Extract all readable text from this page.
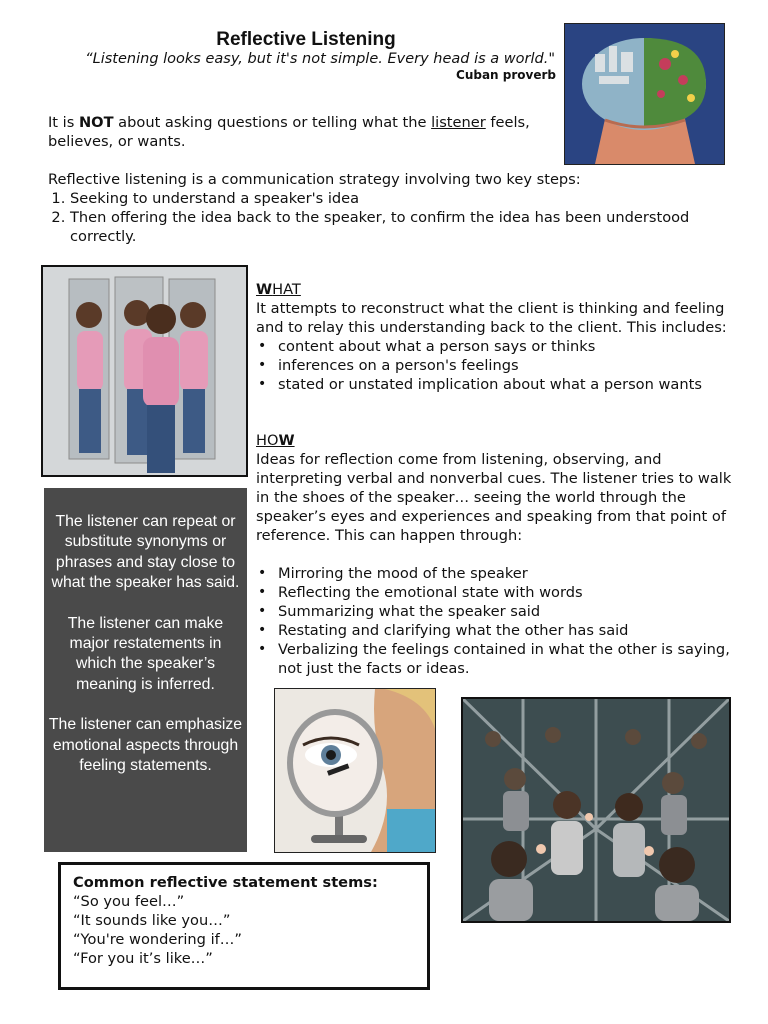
Reflective Listening
“Listening looks easy, but it's not simple. Every head is a world."
Cuban proverb
It is NOT about asking questions or telling what the listener feels, believes, or wants.
Reflective listening is a communication strategy involving two key steps:
1. Seeking to understand a speaker's idea
2. Then offering the idea back to the speaker, to confirm the idea has been understood correctly.
WHAT
It attempts to reconstruct what the client is thinking and feeling and to relay this understanding back to the client. This includes:
• content about what a person says or thinks
• inferences on a person's feelings
• stated or unstated implication about what a person wants
HOW
Ideas for reflection come from listening, observing, and interpreting verbal and nonverbal cues. The listener tries to walk in the shoes of the speaker… seeing the world through the speaker’s eyes and experiences and speaking from that point of reference. This can happen through:
• Mirroring the mood of the speaker
• Reflecting the emotional state with words
• Summarizing what the speaker said
• Restating and clarifying what the other has said
• Verbalizing the feelings contained in what the other is saying, not just the facts or ideas.

The listener can repeat or substitute synonyms or phrases and stay close to what the speaker has said.

The listener can make major restatements in which the speaker’s meaning is inferred.

The listener can emphasize emotional aspects through feeling statements.

Common reflective statement stems:
“So you feel…”
“It sounds like you…”
“You're wondering if…”
“For you it’s like…”
